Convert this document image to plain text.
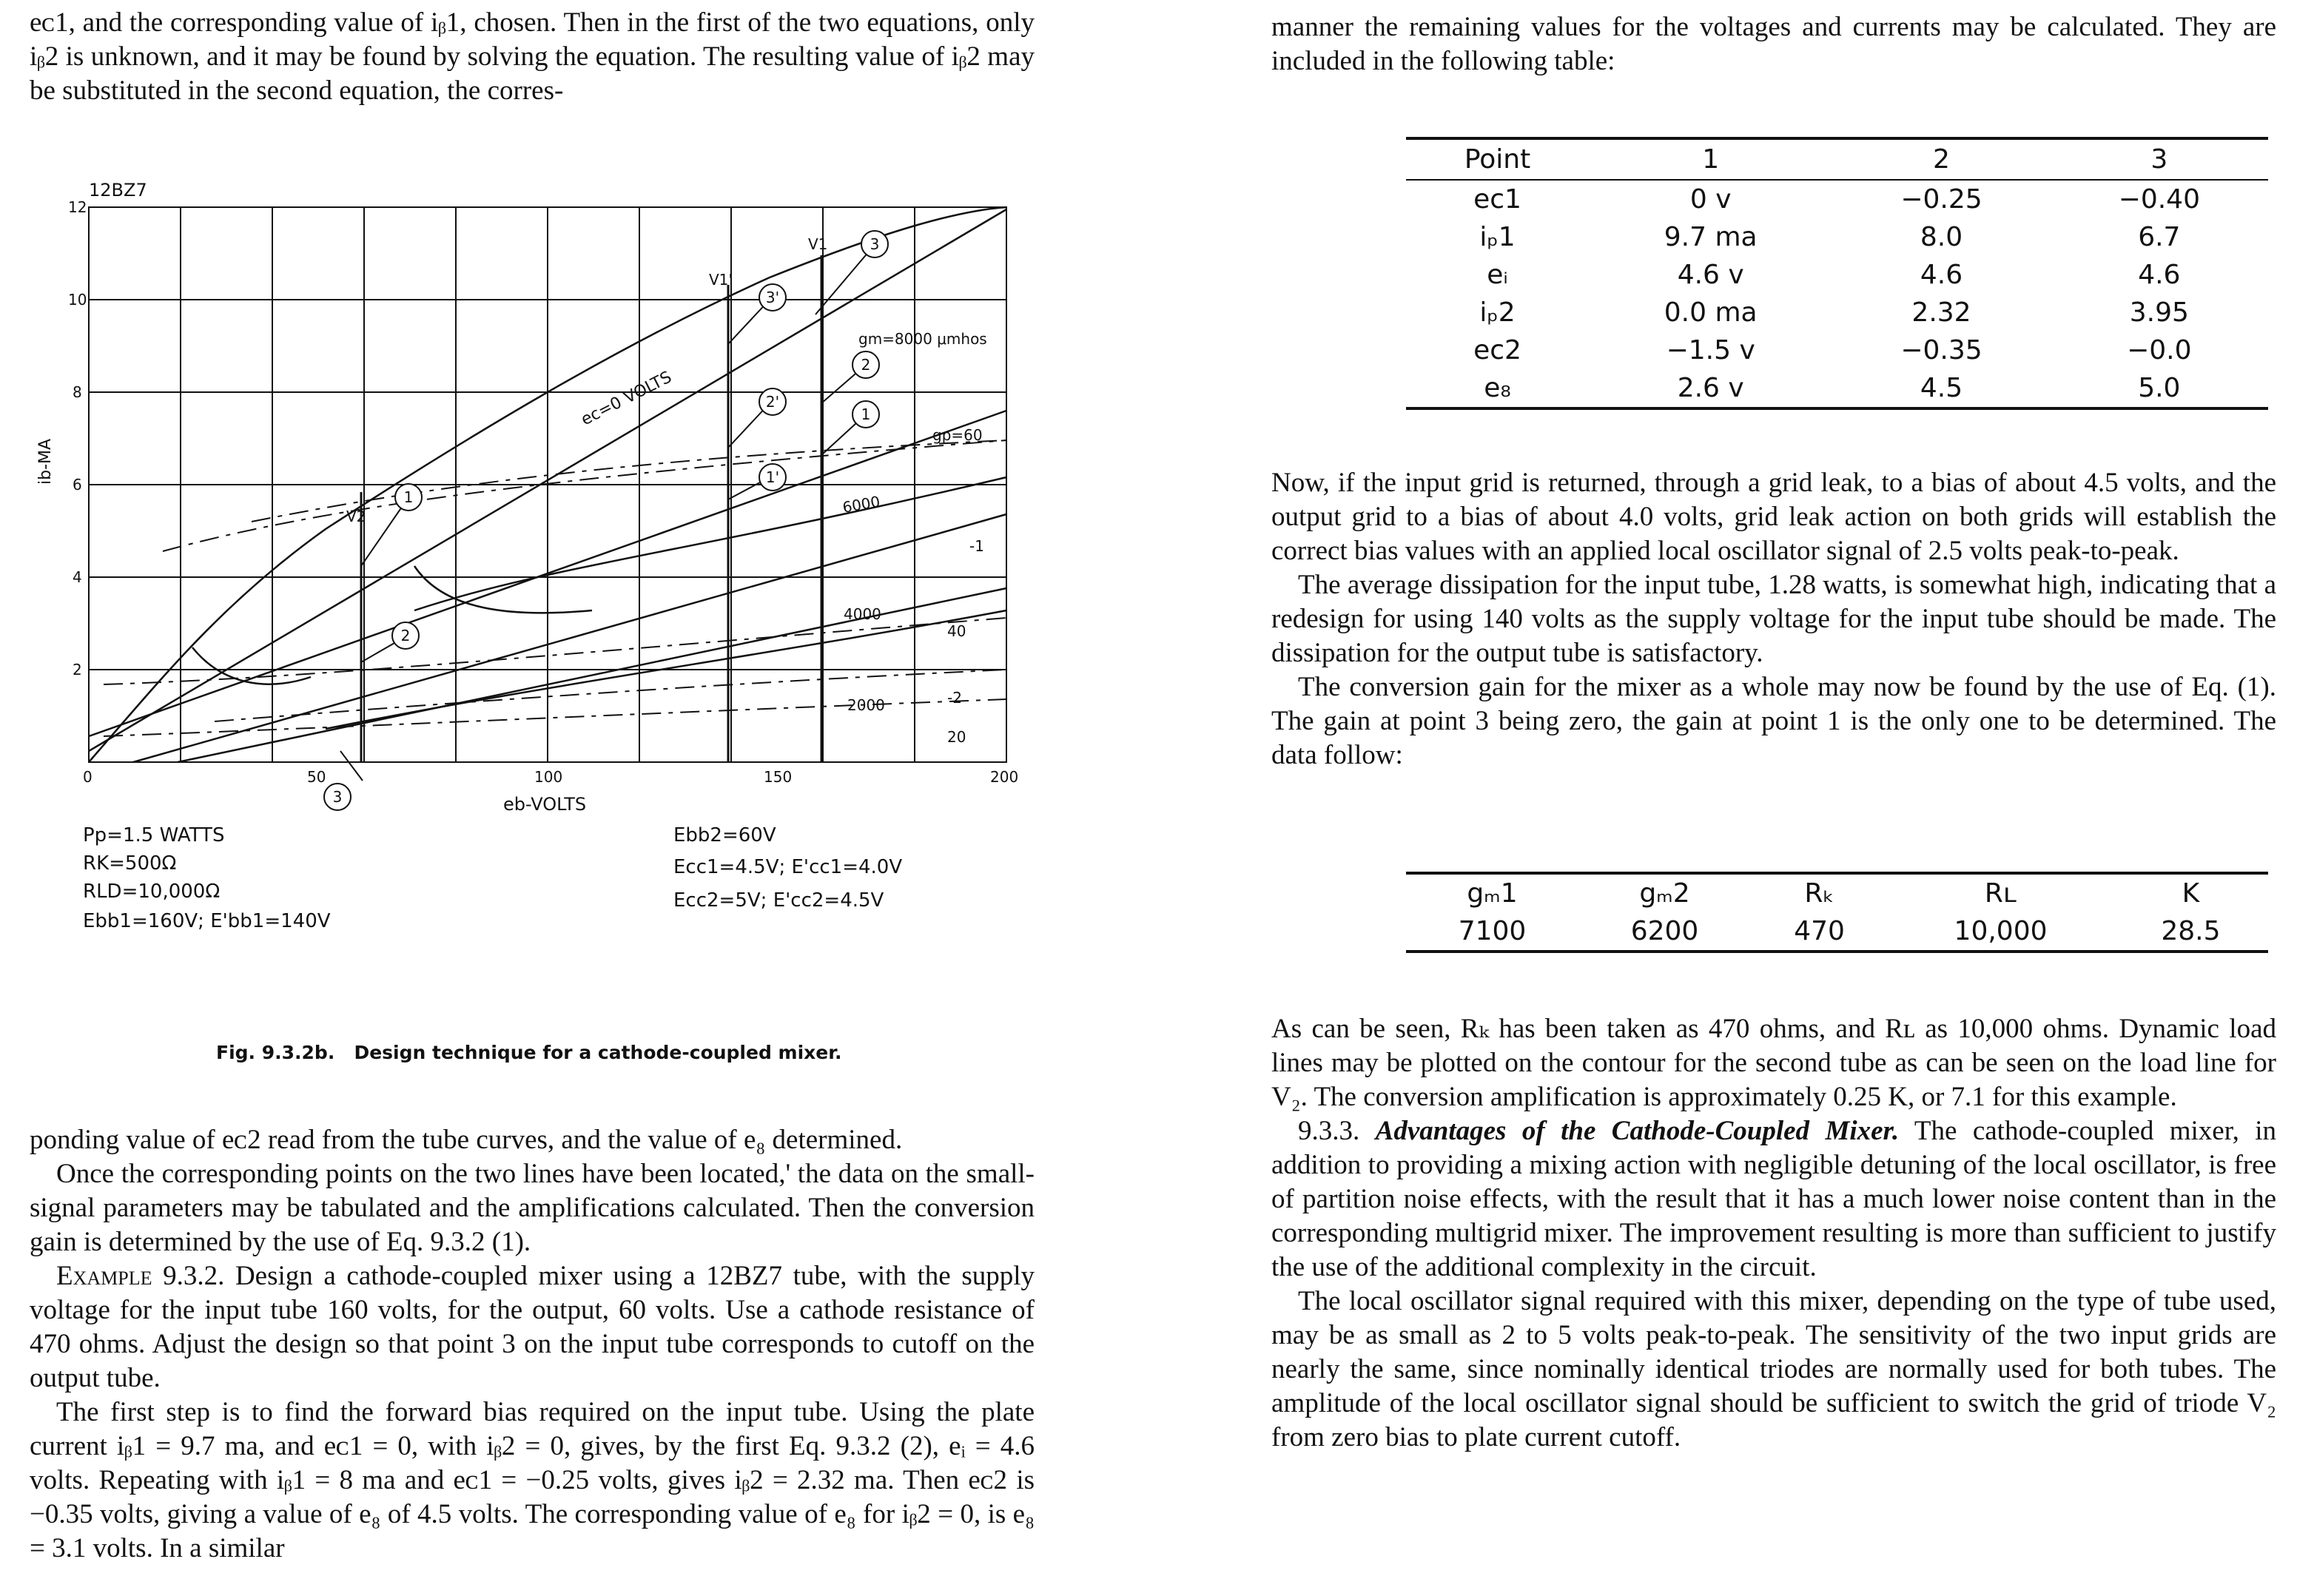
eᴄ1, and the corresponding value of iᵦ1, chosen. Then in the first of the two equations, only iᵦ2 is unknown, and it may be found by solving the equation. The resulting value of iᵦ2 may be substituted in the second equation, the corres-

12
10
8
6
4
2
0	50	100	150	200
12BZ7
ib-MA
eb-VOLTS
ec=0 VOLTS
gm=8000 μmhos
gp=60
6000
4000
2000
-1
-2
40
20
V1'
V1
V2
3
3'
2
2'
1
1'
1
2
3
Pp=1.5 WATTS
RK=500Ω
RLD=10,000Ω
Ebb1=160V; E'bb1=140V
Ebb2=60V
Ecc1=4.5V; E'cc1=4.0V
Ecc2=5V; E'cc2=4.5V
Fig. 9.3.2b. Design technique for a cathode-coupled mixer.

ponding value of eᴄ2 read from the tube curves, and the value of e₈ determined.

Once the corresponding points on the two lines have been located,' the data on the small-signal parameters may be tabulated and the amplifications calculated. Then the conversion gain is determined by the use of Eq. 9.3.2 (1).

Example 9.3.2. Design a cathode-coupled mixer using a 12BZ7 tube, with the supply voltage for the input tube 160 volts, for the output, 60 volts. Use a cathode resistance of 470 ohms. Adjust the design so that point 3 on the input tube corresponds to cutoff on the output tube.

The first step is to find the forward bias required on the input tube. Using the plate current iᵦ1 = 9.7 ma, and eᴄ1 = 0, with iᵦ2 = 0, gives, by the first Eq. 9.3.2 (2), eᵢ = 4.6 volts. Repeating with iᵦ1 = 8 ma and eᴄ1 = −0.25 volts, gives iᵦ2 = 2.32 ma. Then eᴄ2 is −0.35 volts, giving a value of e₈ of 4.5 volts. The corresponding value of e₈ for iᵦ2 = 0, is e₈ = 3.1 volts. In a similar

manner the remaining values for the voltages and currents may be calculated. They are included in the following table:

Point	1	2	3
eᴄ1	0 v	−0.25	−0.40
iₚ1	9.7 ma	8.0	6.7
eᵢ	4.6 v	4.6	4.6
iₚ2	0.0 ma	2.32	3.95
eᴄ2	−1.5 v	−0.35	−0.0
e₈	2.6 v	4.5	5.0

Now, if the input grid is returned, through a grid leak, to a bias of about 4.5 volts, and the output grid to a bias of about 4.0 volts, grid leak action on both grids will establish the correct bias values with an applied local oscillator signal of 2.5 volts peak-to-peak.

The average dissipation for the input tube, 1.28 watts, is somewhat high, indicating that a redesign for using 140 volts as the supply voltage for the input tube should be made. The dissipation for the output tube is satisfactory.

The conversion gain for the mixer as a whole may now be found by the use of Eq. (1). The gain at point 3 being zero, the gain at point 1 is the only one to be determined. The data follow:

gₘ1	gₘ2	Rₖ	Rʟ	K
7100	6200	470	10,000	28.5

As can be seen, Rₖ has been taken as 470 ohms, and Rʟ as 10,000 ohms. Dynamic load lines may be plotted on the contour for the second tube as can be seen on the load line for V₂. The conversion amplification is approximately 0.25 K, or 7.1 for this example.

9.3.3. Advantages of the Cathode-Coupled Mixer. The cathode-coupled mixer, in addition to providing a mixing action with negligible detuning of the local oscillator, is free of partition noise effects, with the result that it has a much lower noise content than in the corresponding multigrid mixer. The improvement resulting is more than sufficient to justify the use of the additional complexity in the circuit.

The local oscillator signal required with this mixer, depending on the type of tube used, may be as small as 2 to 5 volts peak-to-peak. The sensitivity of the two input grids are nearly the same, since nominally identical triodes are normally used for both tubes. The amplitude of the local oscillator signal should be sufficient to switch the grid of triode V₂ from zero bias to plate current cutoff.
